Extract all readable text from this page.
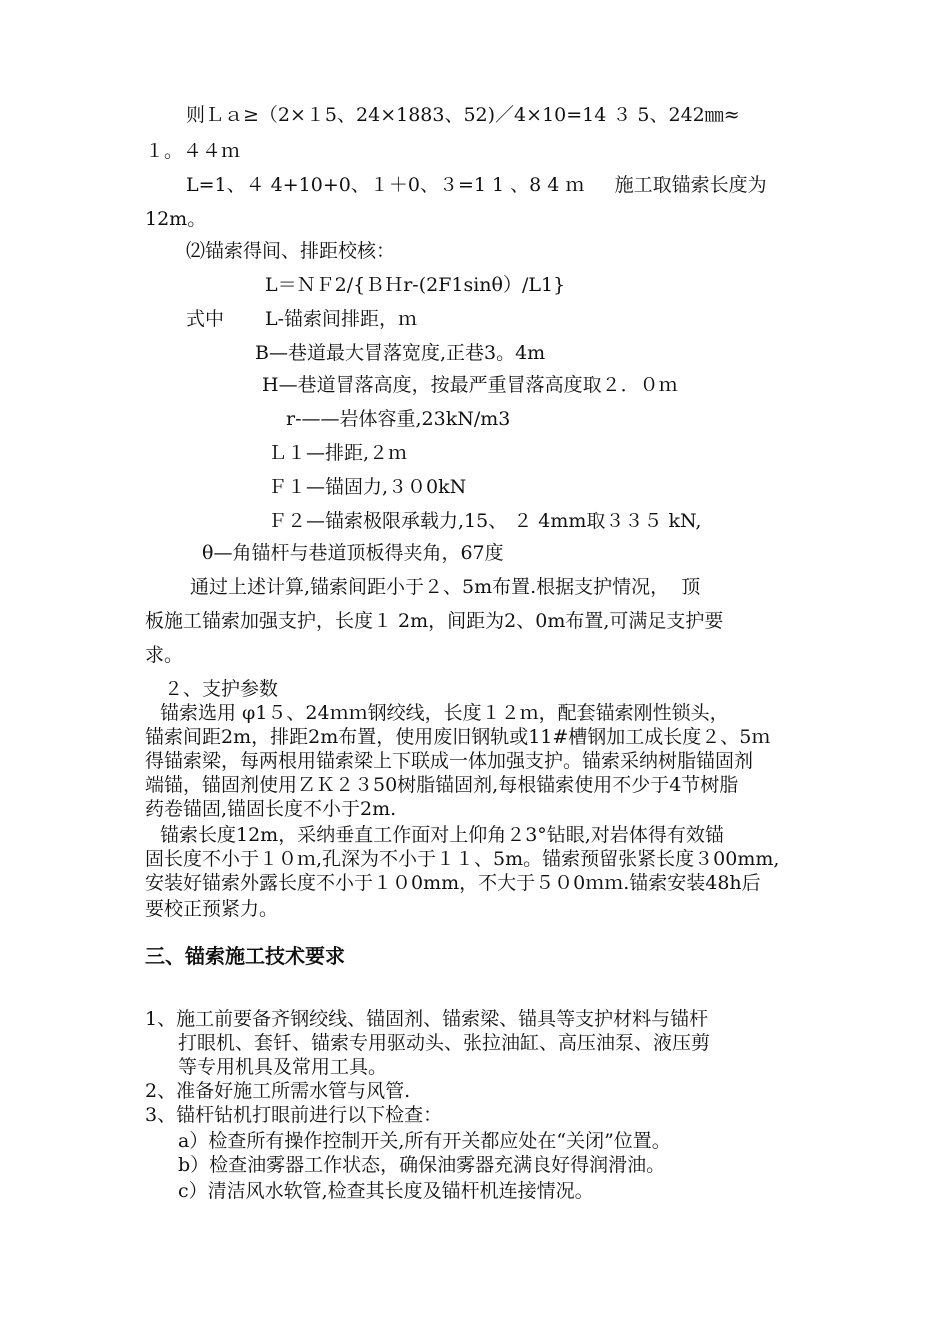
则Ｌａ≥（2×１5、24×1883、52)／4×10=14 ３ 5、242㎜≈
１。４４ｍ
L=1、４ 4+10+0、１＋0、３=1 1 、8 4 ｍ     施工取锚索长度为
12m。
⑵锚索得间、排距校核：
L＝ＮＦ2/{ＢＨr-(2F1sinθ）/L1}
式中 L-锚索间排距，ｍ
B—巷道最大冒落宽度,正巷3。4m
H—巷道冒落高度，按最严重冒落高度取２．０ｍ
r-——岩体容重,23kN/m3
Ｌ１—排距,２ｍ
Ｆ１—锚固力,３０0kN
Ｆ２—锚索极限承载力,15、 ２ 4mm取３３５ kN,
θ—角锚杆与巷道顶板得夹角，67度
通过上述计算,锚索间距小于２、5m布置.根据支护情况，  顶
板施工锚索加强支护，长度１ 2m，间距为2、0m布置,可满足支护要
求。
２、支护参数
锚索选用 φ1５、24ｍｍ钢绞线，长度１２ｍ，配套锚索刚性锁头，
锚索间距2m，排距2m布置，使用废旧钢轨或11#槽钢加工成长度２、5ｍ
得锚索梁，每两根用锚索梁上下联成一体加强支护。锚索采纳树脂锚固剂
端锚，锚固剂使用ＺＫ２３50树脂锚固剂,每根锚索使用不少于4节树脂
药卷锚固,锚固长度不小于2m.
锚索长度12m，采纳垂直工作面对上仰角２3°钻眼,对岩体得有效锚
固长度不小于１０ｍ,孔深为不小于１１、5m。锚索预留张紧长度３00mm,
安装好锚索外露长度不小于１０0mm，不大于５０0ｍｍ.锚索安装48h后
要校正预紧力。
三、锚索施工技术要求
1、施工前要备齐钢绞线、锚固剂、锚索梁、锚具等支护材料与锚杆
打眼机、套钎、锚索专用驱动头、张拉油缸、高压油泵、液压剪
等专用机具及常用工具。
2、准备好施工所需水管与风管.
3、锚杆钻机打眼前进行以下检查：
a）检查所有操作控制开关,所有开关都应处在“关闭”位置。
b）检查油雾器工作状态，确保油雾器充满良好得润滑油。
c）清洁风水软管,检查其长度及锚杆机连接情况。
